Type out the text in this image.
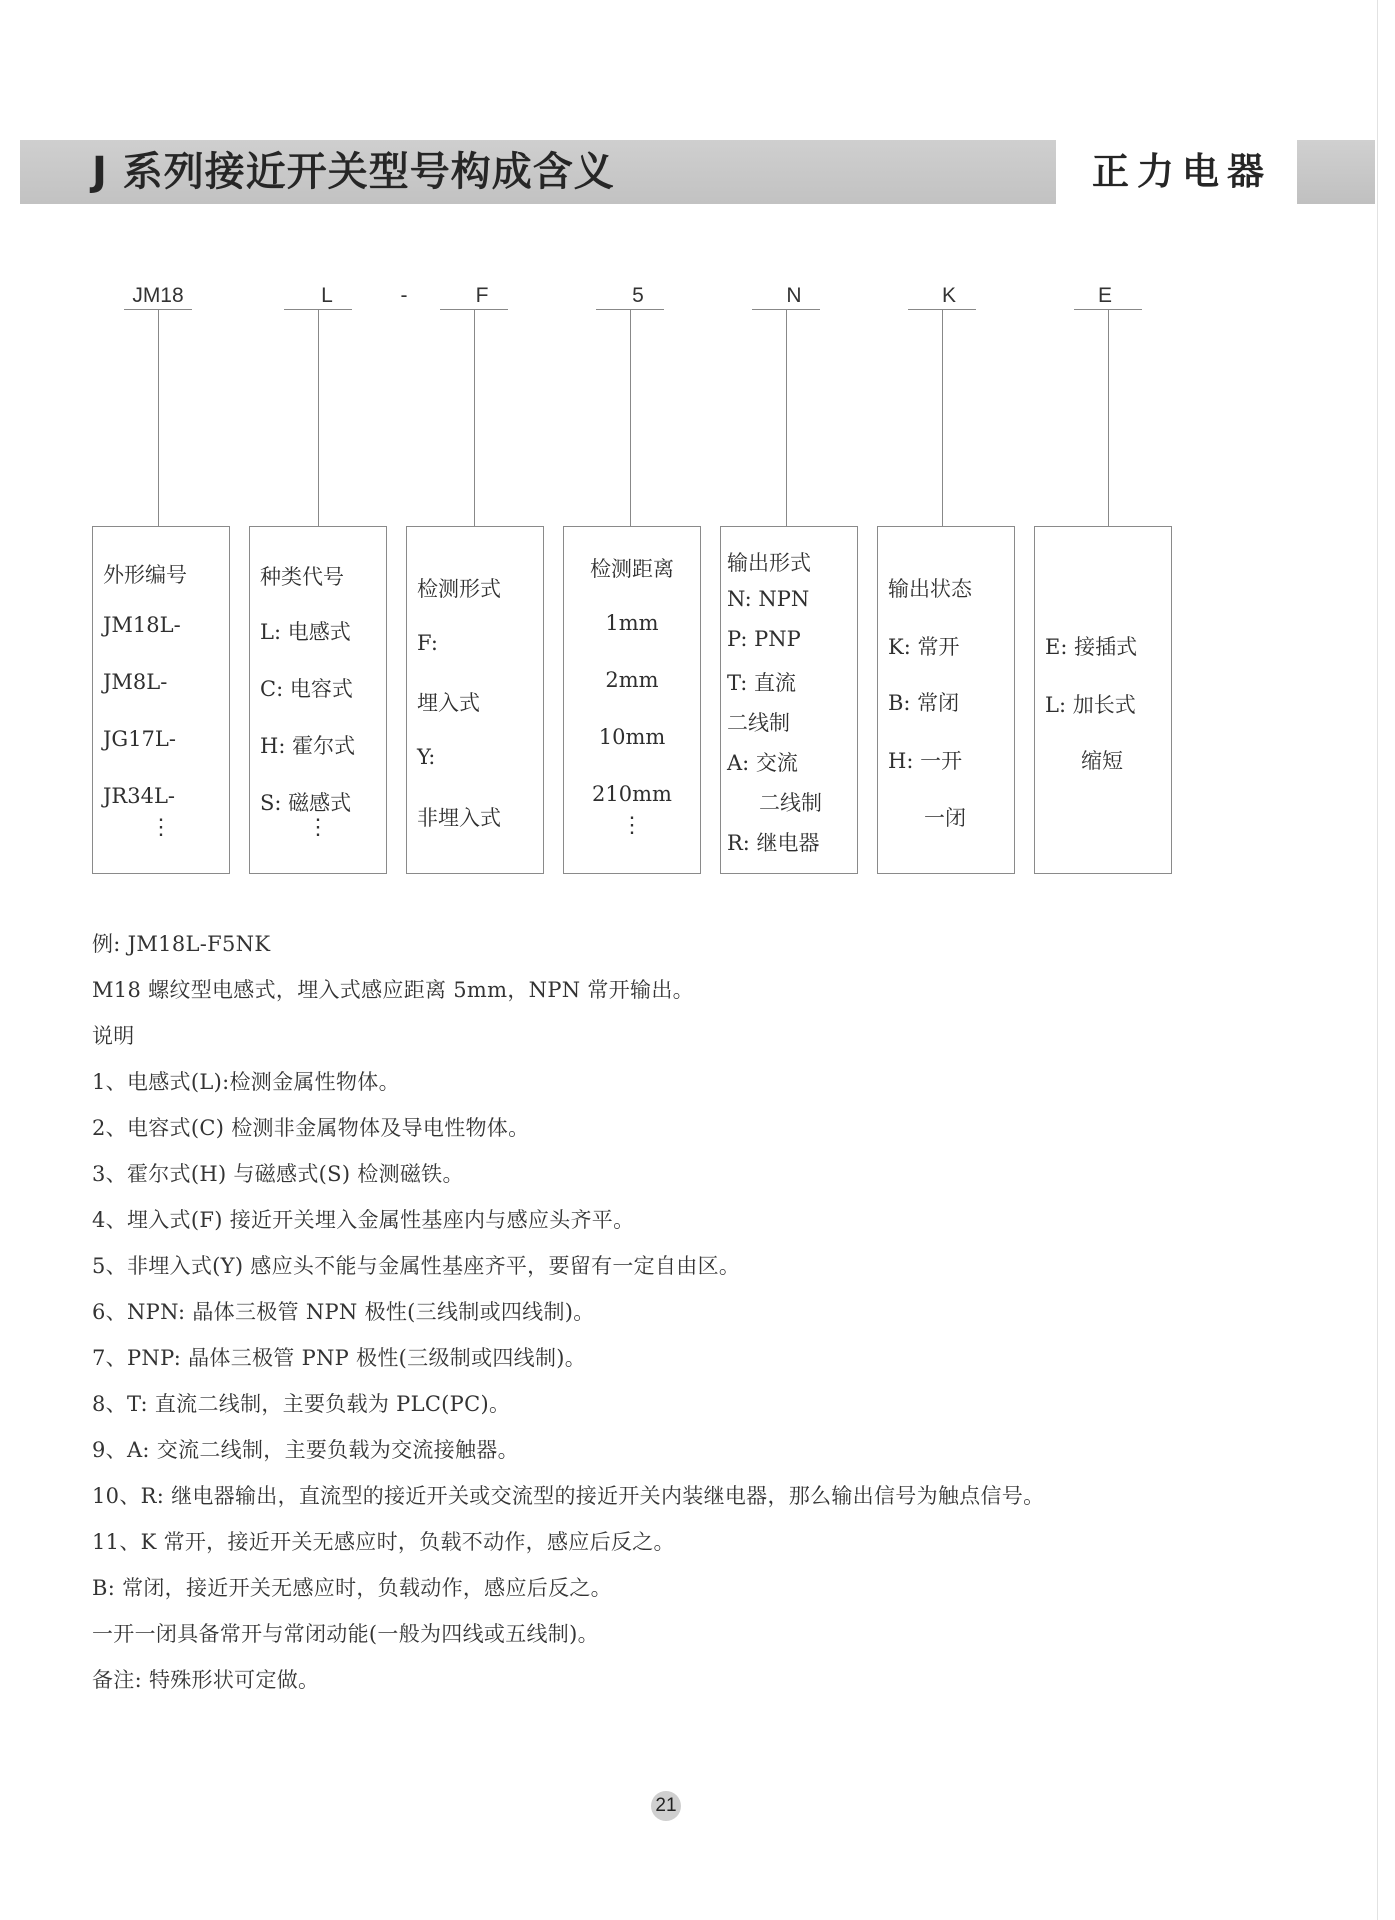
J 系列接近开关型号构成含义	正力电器
JM18	L	-	F	5	N	K	E
外形编号
JM18L-
JM8L-
JG17L-
JR34L-
⋮
种类代号
L: 电感式
C: 电容式
H: 霍尔式
S: 磁感式
⋮
检测形式
F:
埋入式
Y:
非埋入式
检测距离
1mm
2mm
10mm
210mm
⋮
输出形式
N: NPN
P: PNP
T: 直流
二线制
A: 交流
二线制
R: 继电器
输出状态
K: 常开
B: 常闭
H: 一开
一闭
E: 接插式
L: 加长式
缩短
例: JM18L-F5NK
M18 螺纹型电感式，埋入式感应距离 5mm，NPN 常开输出。
说明
1、电感式(L):检测金属性物体。
2、电容式(C) 检测非金属物体及导电性物体。
3、霍尔式(H) 与磁感式(S) 检测磁铁。
4、埋入式(F) 接近开关埋入金属性基座内与感应头齐平。
5、非埋入式(Y) 感应头不能与金属性基座齐平，要留有一定自由区。
6、NPN: 晶体三极管 NPN 极性(三线制或四线制)。
7、PNP: 晶体三极管 PNP 极性(三级制或四线制)。
8、T: 直流二线制，主要负载为 PLC(PC)。
9、A: 交流二线制，主要负载为交流接触器。
10、R: 继电器输出，直流型的接近开关或交流型的接近开关内装继电器，那么输出信号为触点信号。
11、K 常开，接近开关无感应时，负载不动作，感应后反之。
B: 常闭，接近开关无感应时，负载动作，感应后反之。
一开一闭具备常开与常闭动能(一般为四线或五线制)。
备注: 特殊形状可定做。
21
